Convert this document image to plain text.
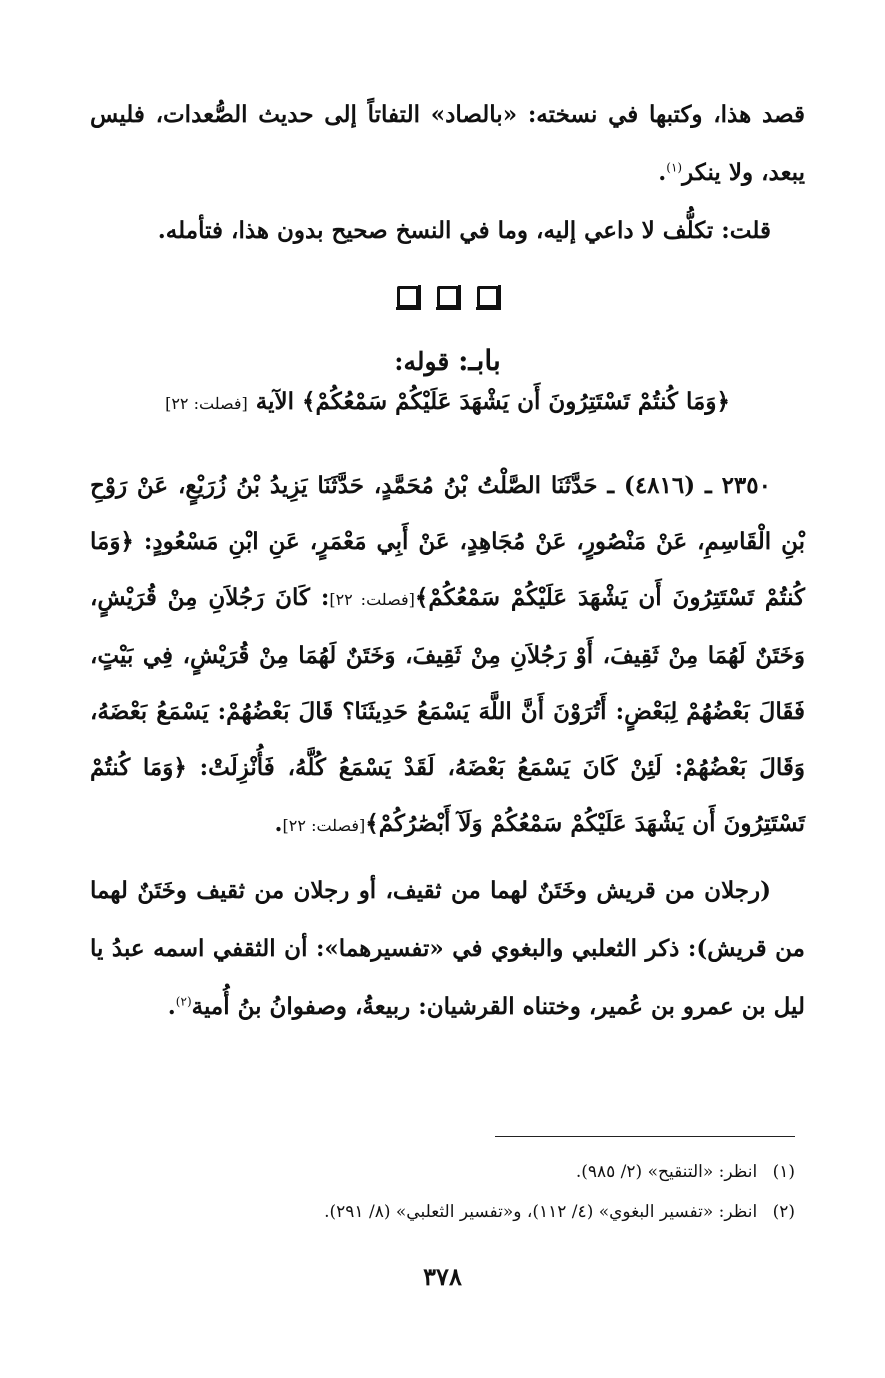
قصد هذا، وكتبها في نسخته: «بالصاد» التفاتاً إلى حديث الصُّعدات، فليس يبعد، ولا ينكر$^{(١)}$.

قلت: تكلُّف لا داعي إليه، وما في النسخ صحيح بدون هذا، فتأمله.

بابـ: قوله:
﴿وَمَا كُنتُمْ تَسْتَتِرُونَ أَن يَشْهَدَ عَلَيْكُمْ سَمْعُكُمْ﴾ الآية [فصلت: ٢٢]

٢٣٥٠ ـ (٤٨١٦) ـ حَدَّثَنَا الصَّلْتُ بْنُ مُحَمَّدٍ، حَدَّثَنَا يَزِيدُ بْنُ زُرَيْعٍ، عَنْ رَوْحِ بْنِ الْقَاسِمِ، عَنْ مَنْصُورٍ، عَنْ مُجَاهِدٍ، عَنْ أَبِي مَعْمَرٍ، عَنِ ابْنِ مَسْعُودٍ: ﴿وَمَا كُنتُمْ تَسْتَتِرُونَ أَن يَشْهَدَ عَلَيْكُمْ سَمْعُكُمْ﴾[فصلت: ٢٢]: كَانَ رَجُلاَنِ مِنْ قُرَيْشٍ، وَخَتَنٌ لَهُمَا مِنْ ثَقِيفَ، أَوْ رَجُلاَنِ مِنْ ثَقِيفَ، وَخَتَنٌ لَهُمَا مِنْ قُرَيْشٍ، فِي بَيْتٍ، فَقَالَ بَعْضُهُمْ لِبَعْضٍ: أَتُرَوْنَ أَنَّ اللَّهَ يَسْمَعُ حَدِيثَنَا؟ قَالَ بَعْضُهُمْ: يَسْمَعُ بَعْضَهُ، وَقَالَ بَعْضُهُمْ: لَئِنْ كَانَ يَسْمَعُ بَعْضَهُ، لَقَدْ يَسْمَعُ كُلَّهُ، فَأُنْزِلَتْ: ﴿وَمَا كُنتُمْ تَسْتَتِرُونَ أَن يَشْهَدَ عَلَيْكُمْ سَمْعُكُمْ وَلَآ أَبْصَٰرُكُمْ﴾[فصلت: ٢٢].

(رجلان من قريش وخَتَنٌ لهما من ثقيف، أو رجلان من ثقيف وخَتَنٌ لهما من قريش): ذكر الثعلبي والبغوي في «تفسيرهما»: أن الثقفي اسمه عبدُ يا ليل بن عمرو بن عُمير، وختناه القرشيان: ربيعةُ، وصفوانُ بنُ أُمية$^{(٢)}$.

(١) انظر: «التنقيح» (٢/ ٩٨٥).
(٢) انظر: «تفسير البغوي» (٤/ ١١٢)، و«تفسير الثعلبي» (٨/ ٢٩١).
٣٧٨
